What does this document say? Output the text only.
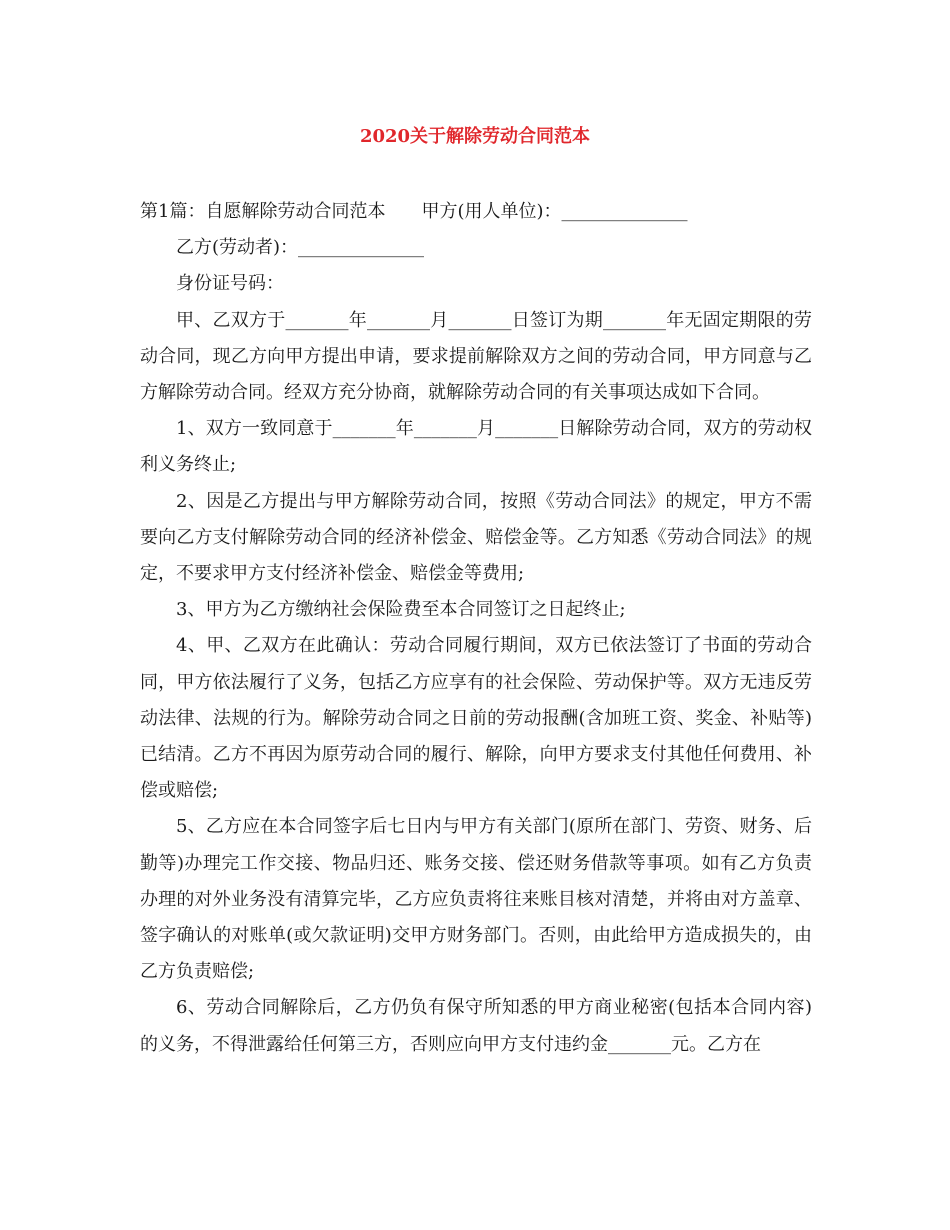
2020关于解除劳动合同范本

第1篇：自愿解除劳动合同范本 甲方(用人单位)：______________

乙方(劳动者)：______________

身份证号码：

甲、乙双方于_______年_______月_______日签订为期_______年无固定期限的劳动合同，现乙方向甲方提出申请，要求提前解除双方之间的劳动合同，甲方同意与乙方解除劳动合同。经双方充分协商，就解除劳动合同的有关事项达成如下合同。

1、双方一致同意于_______年_______月_______日解除劳动合同，双方的劳动权利义务终止;

2、因是乙方提出与甲方解除劳动合同，按照《劳动合同法》的规定，甲方不需要向乙方支付解除劳动合同的经济补偿金、赔偿金等。乙方知悉《劳动合同法》的规定，不要求甲方支付经济补偿金、赔偿金等费用;

3、甲方为乙方缴纳社会保险费至本合同签订之日起终止;

4、甲、乙双方在此确认：劳动合同履行期间，双方已依法签订了书面的劳动合同，甲方依法履行了义务，包括乙方应享有的社会保险、劳动保护等。双方无违反劳动法律、法规的行为。解除劳动合同之日前的劳动报酬(含加班工资、奖金、补贴等)已结清。乙方不再因为原劳动合同的履行、解除，向甲方要求支付其他任何费用、补偿或赔偿;

5、乙方应在本合同签字后七日内与甲方有关部门(原所在部门、劳资、财务、后勤等)办理完工作交接、物品归还、账务交接、偿还财务借款等事项。如有乙方负责办理的对外业务没有清算完毕，乙方应负责将往来账目核对清楚，并将由对方盖章、签字确认的对账单(或欠款证明)交甲方财务部门。否则，由此给甲方造成损失的，由乙方负责赔偿;

6、劳动合同解除后，乙方仍负有保守所知悉的甲方商业秘密(包括本合同内容)的义务，不得泄露给任何第三方，否则应向甲方支付违约金_______元。乙方在
